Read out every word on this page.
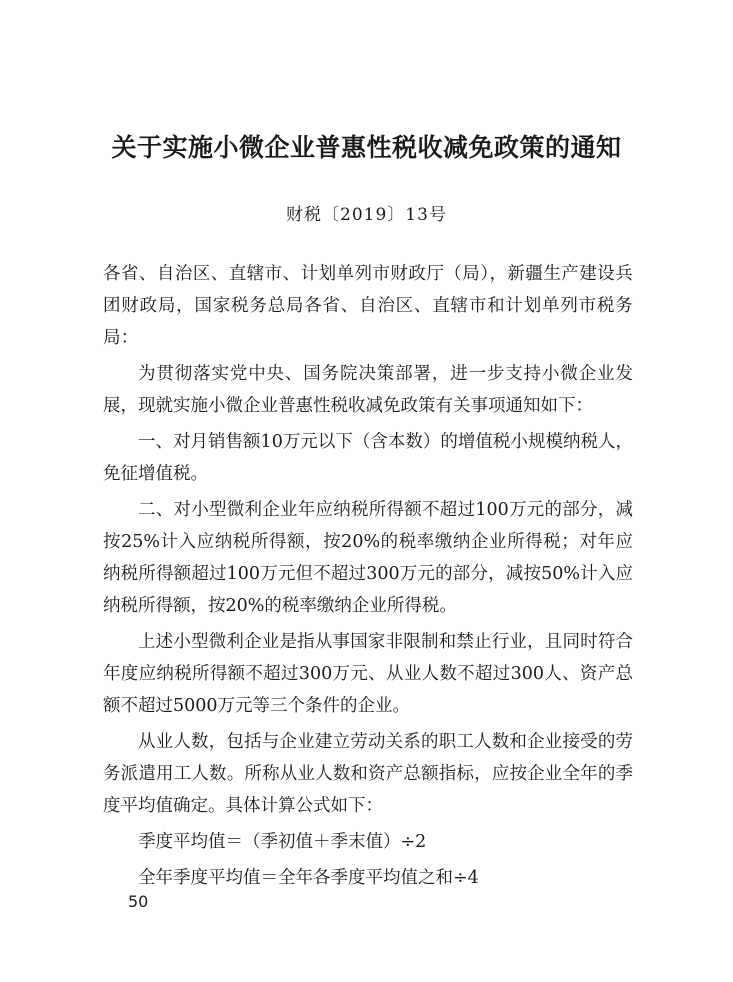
关于实施小微企业普惠性税收减免政策的通知
财税〔2019〕13号

各省、自治区、直辖市、计划单列市财政厅（局），新疆生产建设兵团财政局，国家税务总局各省、自治区、直辖市和计划单列市税务局：

为贯彻落实党中央、国务院决策部署，进一步支持小微企业发展，现就实施小微企业普惠性税收减免政策有关事项通知如下：

一、对月销售额10万元以下（含本数）的增值税小规模纳税人，免征增值税。

二、对小型微利企业年应纳税所得额不超过100万元的部分，减按25%计入应纳税所得额，按20%的税率缴纳企业所得税；对年应纳税所得额超过100万元但不超过300万元的部分，减按50%计入应纳税所得额，按20%的税率缴纳企业所得税。

上述小型微利企业是指从事国家非限制和禁止行业，且同时符合年度应纳税所得额不超过300万元、从业人数不超过300人、资产总额不超过5000万元等三个条件的企业。

从业人数，包括与企业建立劳动关系的职工人数和企业接受的劳务派遣用工人数。所称从业人数和资产总额指标，应按企业全年的季度平均值确定。具体计算公式如下：

季度平均值＝（季初值＋季末值）÷2

全年季度平均值＝全年各季度平均值之和÷4

50
